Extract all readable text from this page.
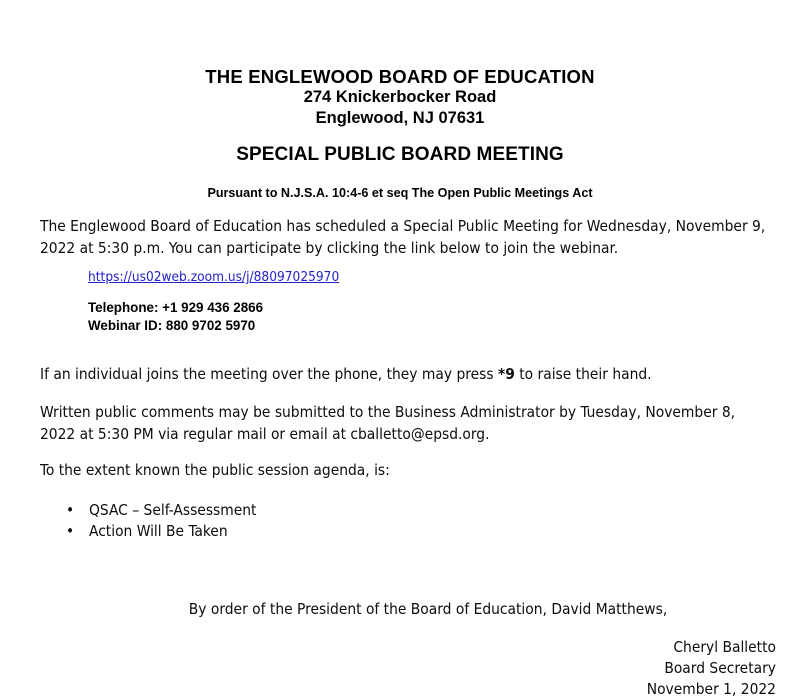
THE ENGLEWOOD BOARD OF EDUCATION
274 Knickerbocker Road
Englewood, NJ 07631
SPECIAL PUBLIC BOARD MEETING
Pursuant to N.J.S.A. 10:4-6 et seq The Open Public Meetings Act
The Englewood Board of Education has scheduled a Special Public Meeting for Wednesday, November 9, 2022 at 5:30 p.m. You can participate by clicking the link below to join the webinar.
https://us02web.zoom.us/j/88097025970
Telephone: +1 929 436 2866
Webinar ID: 880 9702 5970
If an individual joins the meeting over the phone, they may press *9 to raise their hand.
Written public comments may be submitted to the Business Administrator by Tuesday, November 8, 2022 at 5:30 PM via regular mail or email at cballetto@epsd.org.
To the extent known the public session agenda, is:
• QSAC – Self-Assessment
• Action Will Be Taken
By order of the President of the Board of Education, David Matthews,
Cheryl Balletto
Board Secretary
November 1, 2022
